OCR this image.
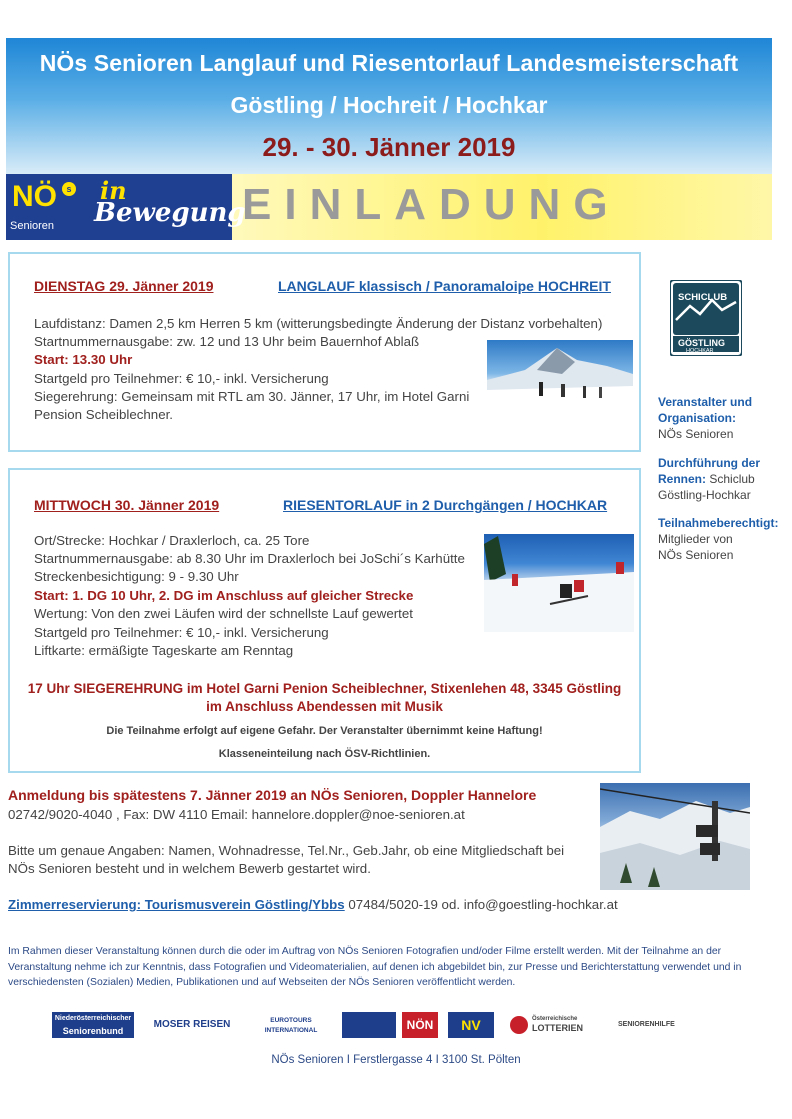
NÖs Senioren Langlauf und Riesentorlauf Landesmeisterschaft
Göstling / Hochreit / Hochkar
29. - 30. Jänner 2019
NÖ	s
Senioren
in
Bewegung
EINLADUNG
DIENSTAG 29. Jänner 2019	LANGLAUF klassisch / Panoramaloipe HOCHREIT
Laufdistanz: Damen 2,5 km Herren 5 km (witterungsbedingte Änderung der Distanz vorbehalten)
Startnummernausgabe: zw. 12 und 13 Uhr beim Bauernhof Ablaß
Start: 13.30 Uhr
Startgeld pro Teilnehmer: € 10,- inkl. Versicherung
Siegerehrung: Gemeinsam mit RTL am 30. Jänner, 17 Uhr, im Hotel Garni
Pension Scheiblechner.
MITTWOCH 30. Jänner 2019	RIESENTORLAUF in 2 Durchgängen / HOCHKAR
Ort/Strecke: Hochkar / Draxlerloch, ca. 25 Tore
Startnummernausgabe: ab 8.30 Uhr im Draxlerloch bei JoSchi´s Karhütte
Streckenbesichtigung: 9 - 9.30 Uhr
Start: 1. DG 10 Uhr, 2. DG im Anschluss auf gleicher Strecke
Wertung: Von den zwei Läufen wird der schnellste Lauf gewertet
Startgeld pro Teilnehmer: € 10,- inkl. Versicherung
Liftkarte: ermäßigte Tageskarte am Renntag
17 Uhr SIEGEREHRUNG im Hotel Garni Penion Scheiblechner, Stixenlehen 48, 3345 Göstling
im Anschluss Abendessen mit Musik
Die Teilnahme erfolgt auf eigene Gefahr. Der Veranstalter übernimmt keine Haftung!
Klasseneinteilung nach ÖSV-Richtlinien.
SCHICLUB
GÖSTLING
HOCHKAR
Veranstalter und
Organisation:
NÖs Senioren
Durchführung der
Rennen: Schiclub
Göstling-Hochkar
Teilnahmeberechtigt:
Mitglieder von
NÖs Senioren
Anmeldung bis spätestens 7. Jänner 2019 an NÖs Senioren, Doppler Hannelore
02742/9020-4040 , Fax: DW 4110 Email: hannelore.doppler@noe-senioren.at
Bitte um genaue Angaben: Namen, Wohnadresse, Tel.Nr., Geb.Jahr, ob eine Mitgliedschaft bei
NÖs Senioren besteht und in welchem Bewerb gestartet wird.
Zimmerreservierung: Tourismusverein Göstling/Ybbs 07484/5020-19 od. info@goestling-hochkar.at
Im Rahmen dieser Veranstaltung können durch die oder im Auftrag von NÖs Senioren Fotografien und/oder Filme erstellt werden. Mit der Teilnahme an der Veranstaltung nehme ich zur Kenntnis, dass Fotografien und Videomaterialien, auf denen ich abgebildet bin, zur Presse und Berichterstattung verwendet und in verschiedensten (Sozialen) Medien, Publikationen und auf Webseiten der NÖs Senioren veröffentlicht werden.
Niederösterreichischer
Seniorenbund
MOSER REISEN	EUROTOURS
INTERNATIONAL	NÖN	NV	Österreichische
LOTTERIEN	SENIORENHILFE
NÖs Senioren I Ferstlergasse 4 I 3100 St. Pölten
